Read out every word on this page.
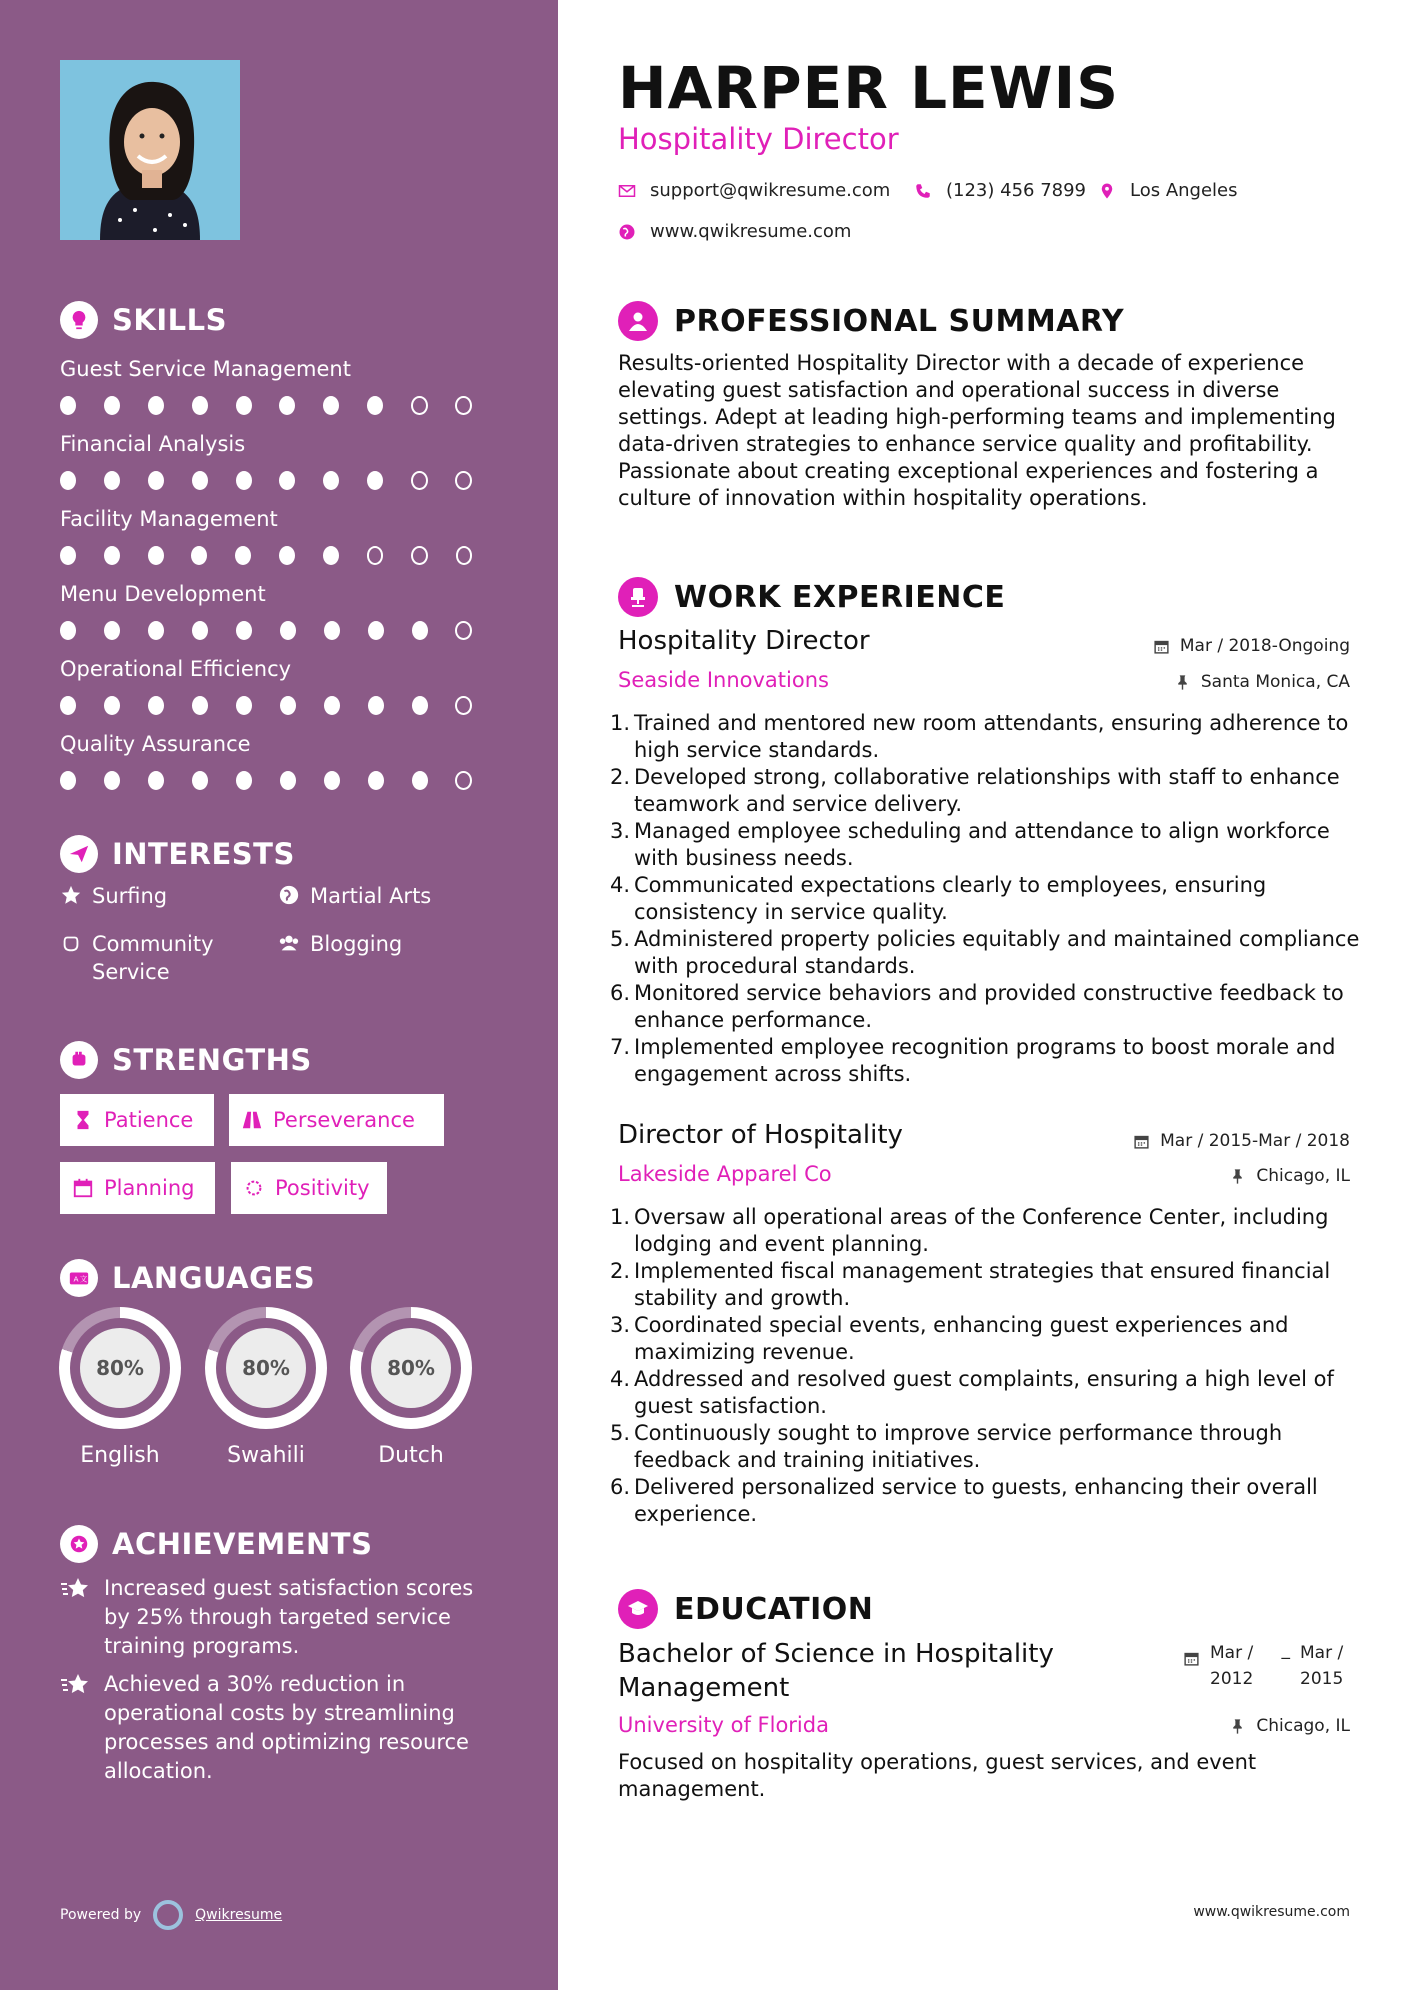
SKILLS
Guest Service Management
Financial Analysis
Facility Management
Menu Development
Operational Efficiency
Quality Assurance
INTERESTS
Surfing	Martial Arts
Community Service
Blogging
STRENGTHS
Patience	Perseverance
Planning	Positivity
A 文 LANGUAGES
80%
English
80%
Swahili
80%
Dutch
ACHIEVEMENTS
Increased guest satisfaction scores by 25% through targeted service training programs.
Achieved a 30% reduction in operational costs by streamlining processes and optimizing resource allocation.
Powered by	Qwikresume
HARPER LEWIS
Hospitality Director
support@qwikresume.com	(123) 456 7899 Los Angeles
www.qwikresume.com
PROFESSIONAL SUMMARY
Results-oriented Hospitality Director with a decade of experience elevating guest satisfaction and operational success in diverse settings. Adept at leading high-performing teams and implementing data-driven strategies to enhance service quality and profitability. Passionate about creating exceptional experiences and fostering a culture of innovation within hospitality operations.
WORK EXPERIENCE
Hospitality Director	Mar / 2018-Ongoing
Seaside Innovations	Santa Monica, CA
1. Trained and mentored new room attendants, ensuring adherence to high service standards.
2. Developed strong, collaborative relationships with staff to enhance teamwork and service delivery.
3. Managed employee scheduling and attendance to align workforce with business needs.
4. Communicated expectations clearly to employees, ensuring consistency in service quality.
5. Administered property policies equitably and maintained compliance with procedural standards.
6. Monitored service behaviors and provided constructive feedback to enhance performance.
7. Implemented employee recognition programs to boost morale and engagement across shifts.
Director of Hospitality	Mar / 2015-Mar / 2018
Lakeside Apparel Co	Chicago, IL
1. Oversaw all operational areas of the Conference Center, including lodging and event planning.
2. Implemented fiscal management strategies that ensured financial stability and growth.
3. Coordinated special events, enhancing guest experiences and maximizing revenue.
4. Addressed and resolved guest complaints, ensuring a high level of guest satisfaction.
5. Continuously sought to improve service performance through feedback and training initiatives.
6. Delivered personalized service to guests, enhancing their overall experience.
EDUCATION
Bachelor of Science in Hospitality Management
Mar / 2012
_ Mar / 2015
University of Florida	Chicago, IL
Focused on hospitality operations, guest services, and event management.
www.qwikresume.com
